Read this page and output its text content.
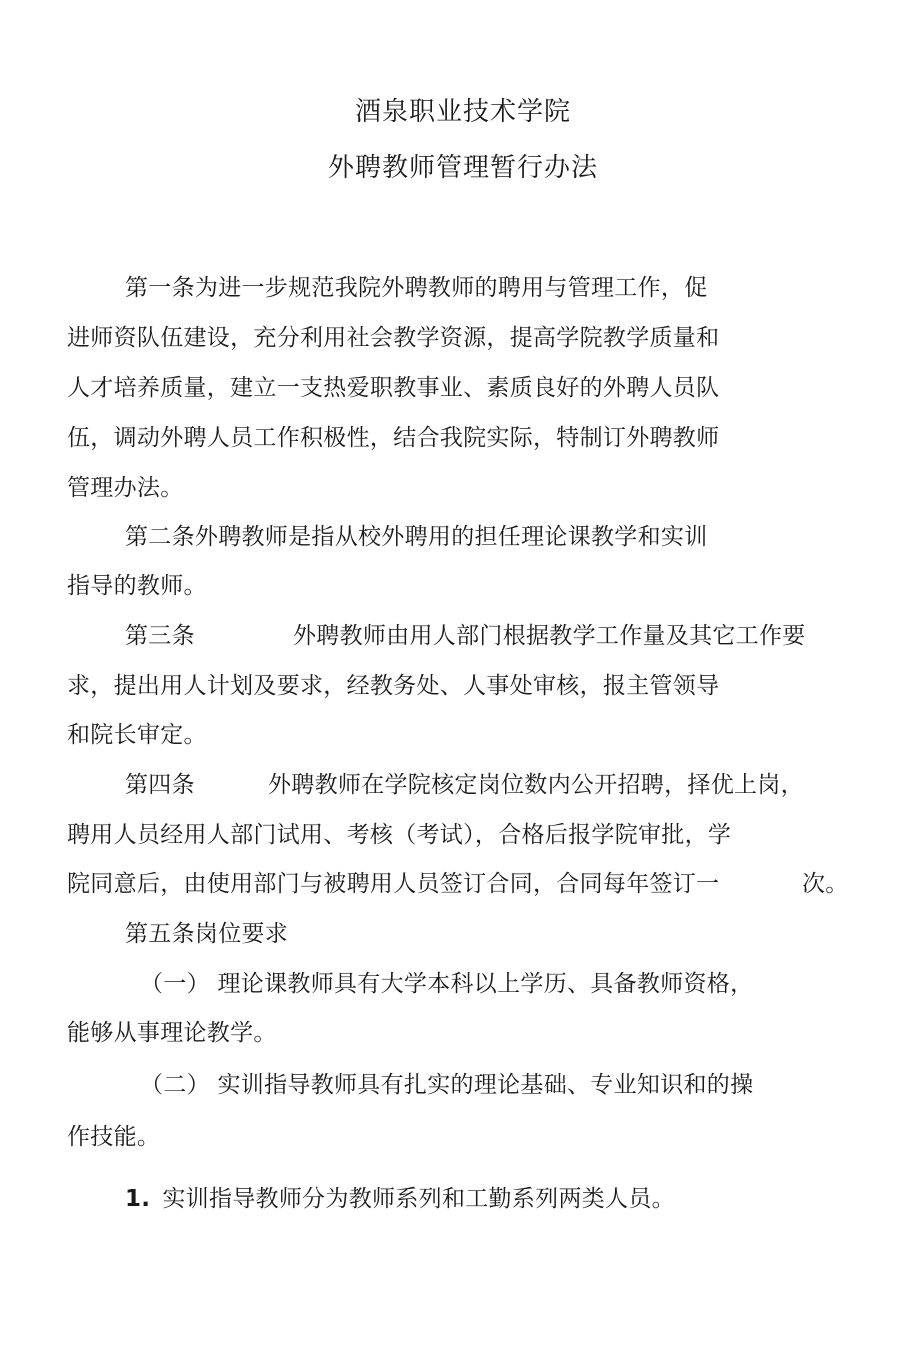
酒泉职业技术学院
外聘教师管理暂行办法
第一条为进一步规范我院外聘教师的聘用与管理工作，促
进师资队伍建设，充分利用社会教学资源，提高学院教学质量和
人才培养质量，建立一支热爱职教事业、素质良好的外聘人员队
伍，调动外聘人员工作积极性，结合我院实际，特制订外聘教师
管理办法。
第二条外聘教师是指从校外聘用的担任理论课教学和实训
指导的教师。
第三条	外聘教师由用人部门根据教学工作量及其它工作要
求，提出用人计划及要求，经教务处、人事处审核，报主管领导
和院长审定。
第四条	外聘教师在学院核定岗位数内公开招聘，择优上岗，
聘用人员经用人部门试用、考核（考试），合格后报学院审批，学
院同意后，由使用部门与被聘用人员签订合同，合同每年签订一	次。
第五条岗位要求
（一） 理论课教师具有大学本科以上学历、具备教师资格，
能够从事理论教学。
（二） 实训指导教师具有扎实的理论基础、专业知识和的操
作技能。
1. 实训指导教师分为教师系列和工勤系列两类人员。
